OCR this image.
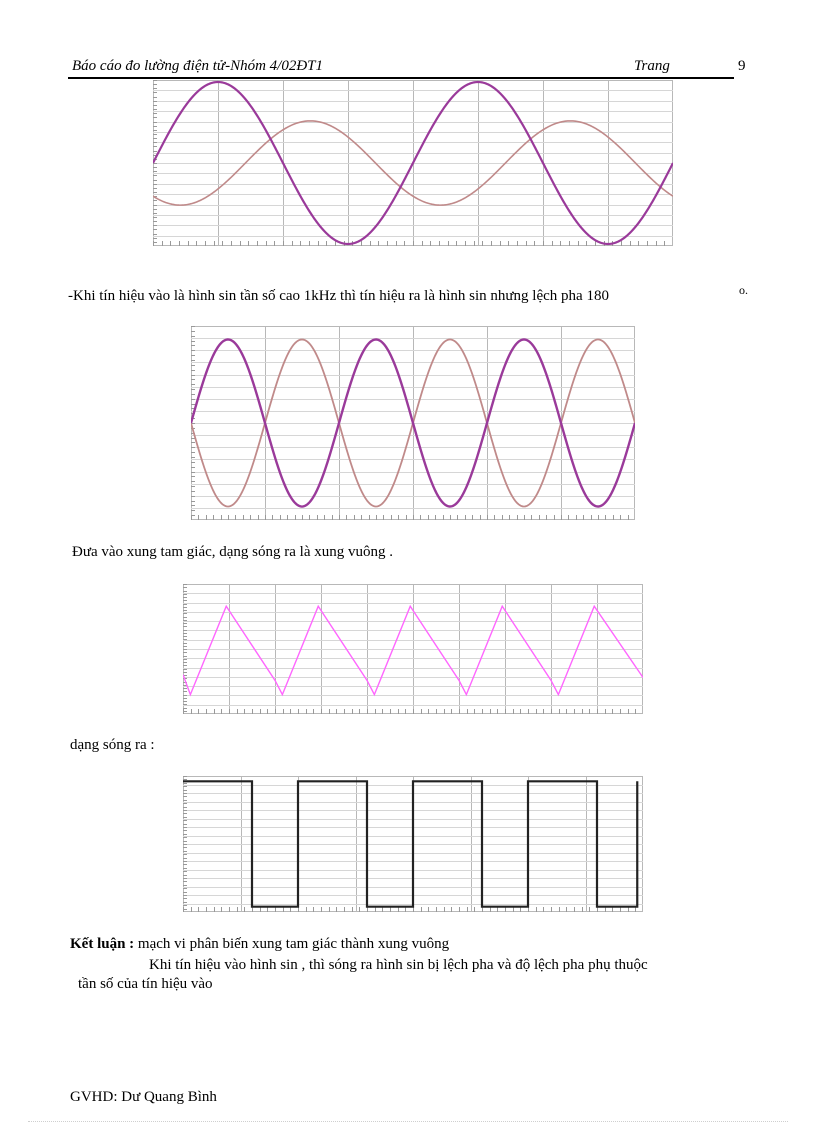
Báo cáo đo lường điện tử-Nhóm 4/02ĐT1	Trang	9
-Khi tín hiệu vào là hình sin tần số cao 1kHz thì tín hiệu ra là hình sin nhưng lệch pha 180	o.
Đưa vào xung tam giác, dạng sóng ra là xung vuông .
dạng sóng ra :
Kết luận : mạch vi phân biến xung tam giác thành xung vuông
Khi tín hiệu vào hình sin , thì sóng ra hình sin bị lệch pha và độ lệch pha phụ thuộc
tần số của tín hiệu vào
GVHD: Dư Quang Bình
